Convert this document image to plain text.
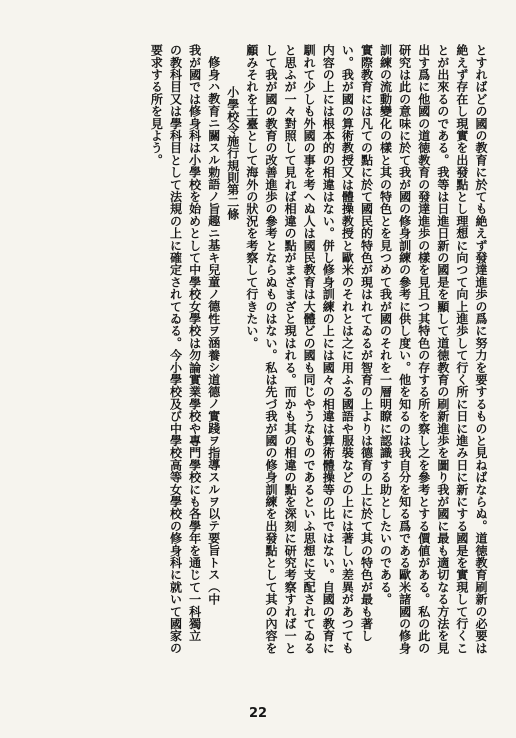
とすればどの國の教育に於ても絶えず發達進歩の爲に努力を要するものと見ねばならぬ。道徳教育刷新の必要は
絶えず存在し現實を出發點とし理想に向つて向上進歩して行く所に日に進み日に新にする國是を實現して行くこ
とが出來るのである。我等は日進日新の國是を顯して道徳教育の刷新進歩を圖り我が國に最も適切なる方法を見
出す爲に他國の道徳教育の發達進歩の樣を見且つ其特色の存する所を察し之を參考とする價値がある。私の此の
研究は此の意味に於て我が國の修身訓練の參考に供し度い。他を知るのは我自分を知る爲である歐米諸國の修身
訓練の流動變化の樣と其の特色とを見つめて我が國のそれを一層明瞭に認識する助としたいのである。
實際教育には凡ての點に於て國民的特色が現はれてゐるが智育の上よりは德育の上に於て其の特色が最も著し
い。我が國の算術教授又は體操教授と歐米のそれとは之に用ふる國語や服裝などの上には著しい差異があつても
内容の上には根本的の相違はない。併し修身訓練の上には國々の相違は算術體操等の比ではない。自國の教育に
馴れて少しも外國の事を考へぬ人は國民教育は大體どの國も同じやうなものであるといふ思想に支配されてゐる
と思ふが一々對照して見れば相違の點がまざまざと現はれる。而かも其の相違の點を深刻に研究考察すれば一と
して我が國の教育の改善進歩の參考とならぬものはない。私は先づ我が國の修身訓練を出發點として其の內容を
顧みそれを土臺として海外の狀況を考察して行きたい。
小學校令施行規則第二條
修身ハ教育ニ關スル勅語ノ旨趣ニ基キ兒童ノ德性ヲ涵養シ道德ノ實踐ヲ指導スルヲ以テ要旨トス（中
我が國では修身科は小學校を始めとして中學校女學校は勿論實業學校や專門學校にも各學年を通じて一科獨立
の教科目又は學科目として法規の上に確定されてゐる。今小學校及び中學校高等女學校の修身科に就いて國家の
要求する所を見よう。
22
